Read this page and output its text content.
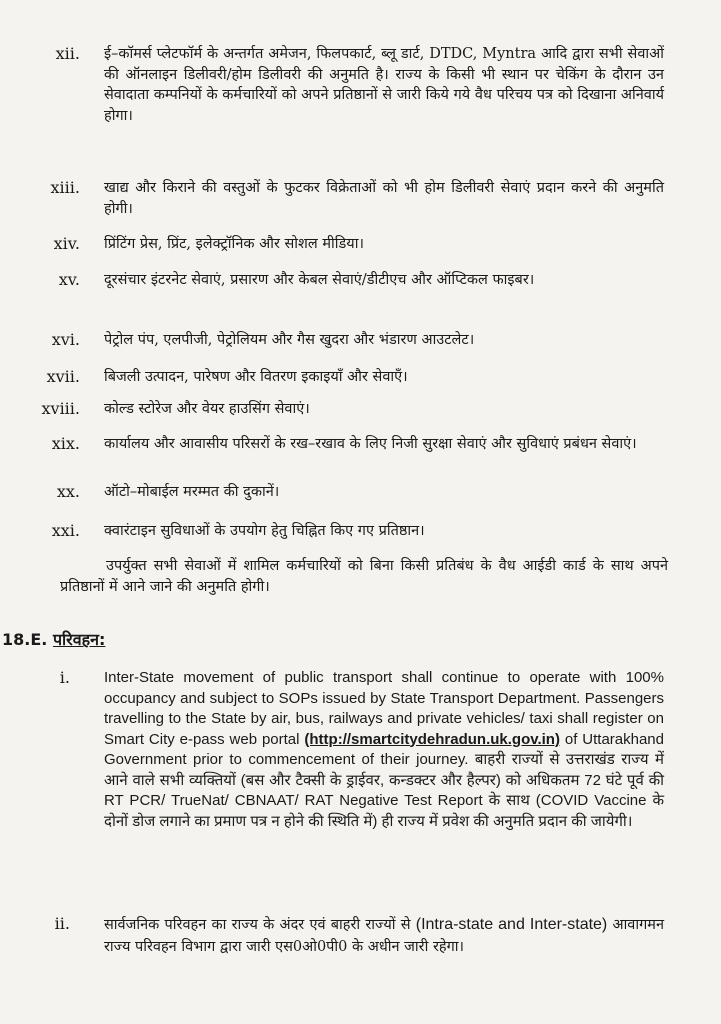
xii. ई–कॉमर्स प्लेटफॉर्म के अन्तर्गत अमेजन, फिलपकार्ट, ब्लू डार्ट, DTDC, Myntra आदि द्वारा सभी सेवाओं की ऑनलाइन डिलीवरी/होम डिलीवरी की अनुमति है। राज्य के किसी भी स्थान पर चेकिंग के दौरान उन सेवादाता कम्पनियों के कर्मचारियों को अपने प्रतिष्ठानों से जारी किये गये वैध परिचय पत्र को दिखाना अनिवार्य होगा।
xiii. खाद्य और किराने की वस्तुओं के फुटकर विक्रेताओं को भी होम डिलीवरी सेवाएं प्रदान करने की अनुमति होगी।
xiv. प्रिंटिंग प्रेस, प्रिंट, इलेक्ट्रॉनिक और सोशल मीडिया।
xv. दूरसंचार इंटरनेट सेवाएं, प्रसारण और केबल सेवाएं/डीटीएच और ऑप्टिकल फाइबर।
xvi. पेट्रोल पंप, एलपीजी, पेट्रोलियम और गैस खुदरा और भंडारण आउटलेट।
xvii. बिजली उत्पादन, पारेषण और वितरण इकाइयाँ और सेवाएँ।
xviii. कोल्ड स्टोरेज और वेयर हाउसिंग सेवाएं।
xix. कार्यालय और आवासीय परिसरों के रख–रखाव के लिए निजी सुरक्षा सेवाएं और सुविधाएं प्रबंधन सेवाएं।
xx. ऑटो–मोबाईल मरम्मत की दुकानें।
xxi. क्वारंटाइन सुविधाओं के उपयोग हेतु चिह्नित किए गए प्रतिष्ठान।
उपर्युक्त सभी सेवाओं में शामिल कर्मचारियों को बिना किसी प्रतिबंध के वैध आईडी कार्ड के साथ अपने प्रतिष्ठानों में आने जाने की अनुमति होगी।
18.E. परिवहन:
i. Inter-State movement of public transport shall continue to operate with 100% occupancy and subject to SOPs issued by State Transport Department. Passengers travelling to the State by air, bus, railways and private vehicles/ taxi shall register on Smart City e-pass web portal (http://smartcitydehradun.uk.gov.in) of Uttarakhand Government prior to commencement of their journey. बाहरी राज्यों से उत्तराखंड राज्य में आने वाले सभी व्यक्तियों (बस और टैक्सी के ड्राईवर, कन्डक्टर और हैल्पर) को अधिकतम 72 घंटे पूर्व की RT PCR/ TrueNat/ CBNAAT/ RAT Negative Test Report के साथ (COVID Vaccine के दोनों डोज लगाने का प्रमाण पत्र न होने की स्थिति में) ही राज्य में प्रवेश की अनुमति प्रदान की जायेगी।
ii. सार्वजनिक परिवहन का राज्य के अंदर एवं बाहरी राज्यों से (Intra-state and Inter-state) आवागमन राज्य परिवहन विभाग द्वारा जारी एस0ओ0पी0 के अधीन जारी रहेगा।
